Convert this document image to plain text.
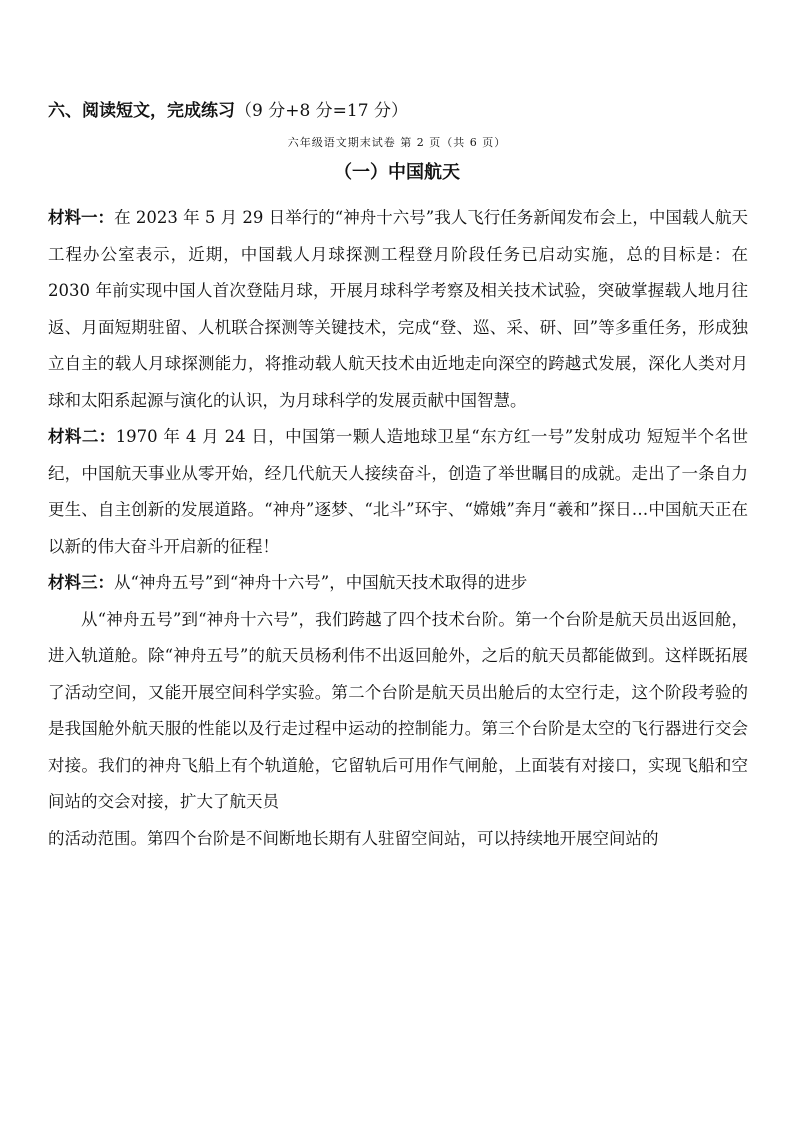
六、阅读短文，完成练习（9 分+8 分=17 分）
六年级语文期末试卷 第 2 页（共 6 页）
（一）中国航天

材料一：在 2023 年 5 月 29 日举行的“神舟十六号”我人飞行任务新闻发布会上，中国载人航天工程办公室表示，近期，中国载人月球探测工程登月阶段任务已启动实施，总的目标是：在 2030 年前实现中国人首次登陆月球，开展月球科学考察及相关技术试验，突破掌握载人地月往返、月面短期驻留、人机联合探测等关键技术，完成“登、巡、采、研、回”等多重任务，形成独立自主的载人月球探测能力，将推动载人航天技术由近地走向深空的跨越式发展，深化人类对月球和太阳系起源与演化的认识，为月球科学的发展贡献中国智慧。

材料二：1970 年 4 月 24 日，中国第一颗人造地球卫星“东方红一号”发射成功 短短半个名世纪，中国航天事业从零开始，经几代航天人接续奋斗，创造了举世瞩目的成就。走出了一条自力更生、自主创新的发展道路。“神舟”逐梦、“北斗”环宇、“嫦娥”奔月“羲和”探日…中国航天正在以新的伟大奋斗开启新的征程！

材料三：从“神舟五号”到“神舟十六号”，中国航天技术取得的进步

从“神舟五号”到“神舟十六号”，我们跨越了四个技术台阶。第一个台阶是航天员出返回舱，进入轨道舱。除“神舟五号”的航天员杨利伟不出返回舱外，之后的航天员都能做到。这样既拓展了活动空间，又能开展空间科学实验。第二个台阶是航天员出舱后的太空行走，这个阶段考验的是我国舱外航天服的性能以及行走过程中运动的控制能力。第三个台阶是太空的飞行器进行交会对接。我们的神舟飞船上有个轨道舱，它留轨后可用作气闸舱，上面装有对接口，实现飞船和空间站的交会对接，扩大了航天员

的活动范围。第四个台阶是不间断地长期有人驻留空间站，可以持续地开展空间站的
